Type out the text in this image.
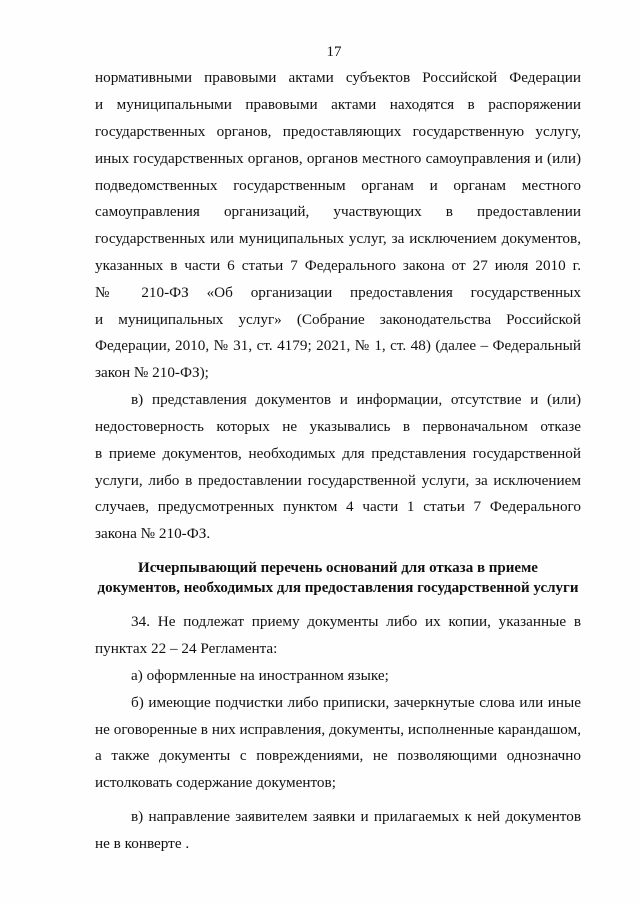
17
нормативными правовыми актами субъектов Российской Федерации
и муниципальными правовыми актами находятся в распоряжении
государственных органов, предоставляющих государственную услугу,
иных государственных органов, органов местного самоуправления и (или)
подведомственных государственным органам и органам местного
самоуправления организаций, участвующих в предоставлении
государственных или муниципальных услуг, за исключением документов,
указанных в части 6 статьи 7 Федерального закона от 27 июля 2010 г.
№ 210-ФЗ «Об организации предоставления государственных
и муниципальных услуг» (Собрание законодательства Российской
Федерации, 2010, № 31, ст. 4179; 2021, № 1, ст. 48) (далее – Федеральный
закон № 210-ФЗ);
в) представления документов и информации, отсутствие и (или)
недостоверность которых не указывались в первоначальном отказе
в приеме документов, необходимых для представления государственной
услуги, либо в предоставлении государственной услуги, за исключением
случаев, предусмотренных пунктом 4 части 1 статьи 7 Федерального
закона № 210-ФЗ.
Исчерпывающий перечень оснований для отказа в приеме
документов, необходимых для предоставления государственной услуги
34. Не подлежат приему документы либо их копии, указанные в
пунктах 22 – 24 Регламента:
а) оформленные на иностранном языке;
б) имеющие подчистки либо приписки, зачеркнутые слова или иные
не оговоренные в них исправления, документы, исполненные карандашом,
а также документы с повреждениями, не позволяющими однозначно
истолковать содержание документов;
в) направление заявителем заявки и прилагаемых к ней документов
не в конверте .
